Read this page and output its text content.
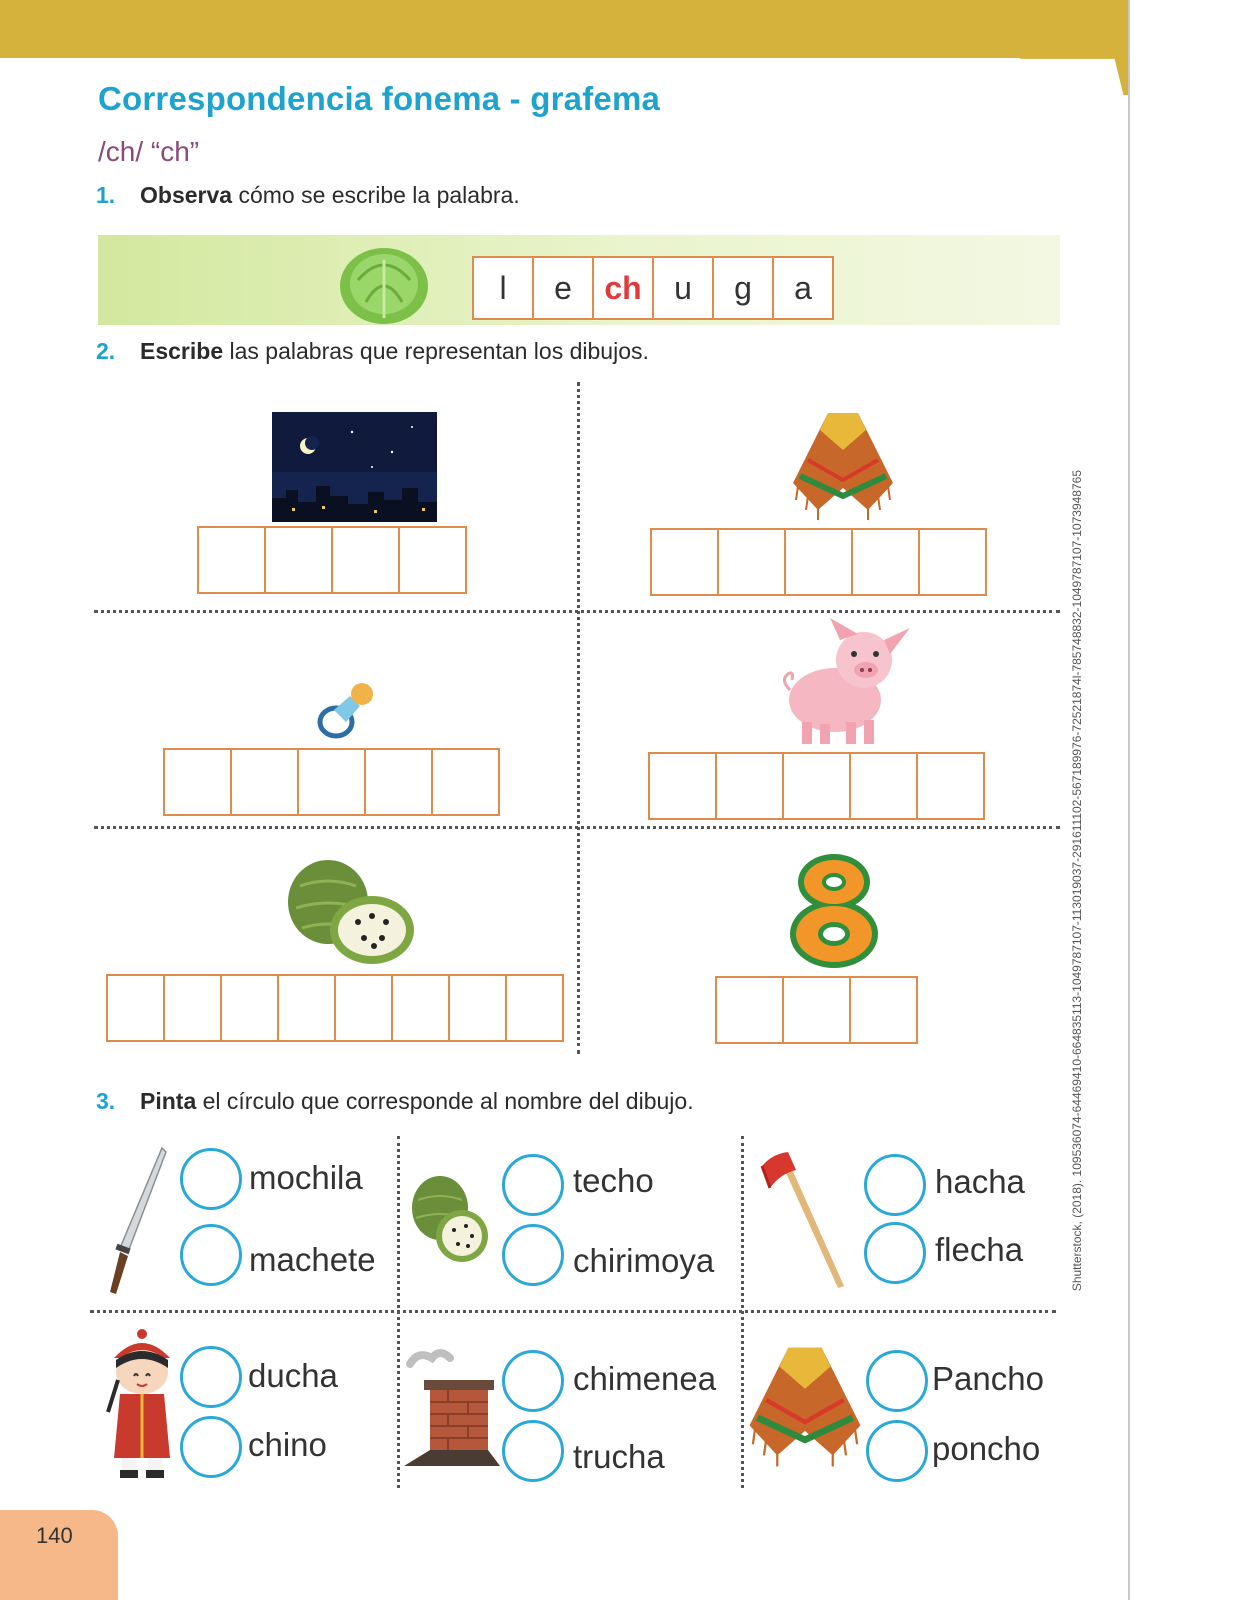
Correspondencia fonema - grafema
/ch/ “ch”
1. Observa cómo se escribe la palabra.
l	e	ch	u	g	a
2. Escribe las palabras que representan los dibujos.
3. Pinta el círculo que corresponde al nombre del dibujo.
mochila
machete
techo
chirimoya
hacha
flecha
ducha
chino
chimenea
trucha
Pancho
poncho
140
Shutterstock, (2018). 109536074-64469410-664835113-1049787107-113019037-291611102-567189976-72521874l-78574883​2-1049787107-1073948765
